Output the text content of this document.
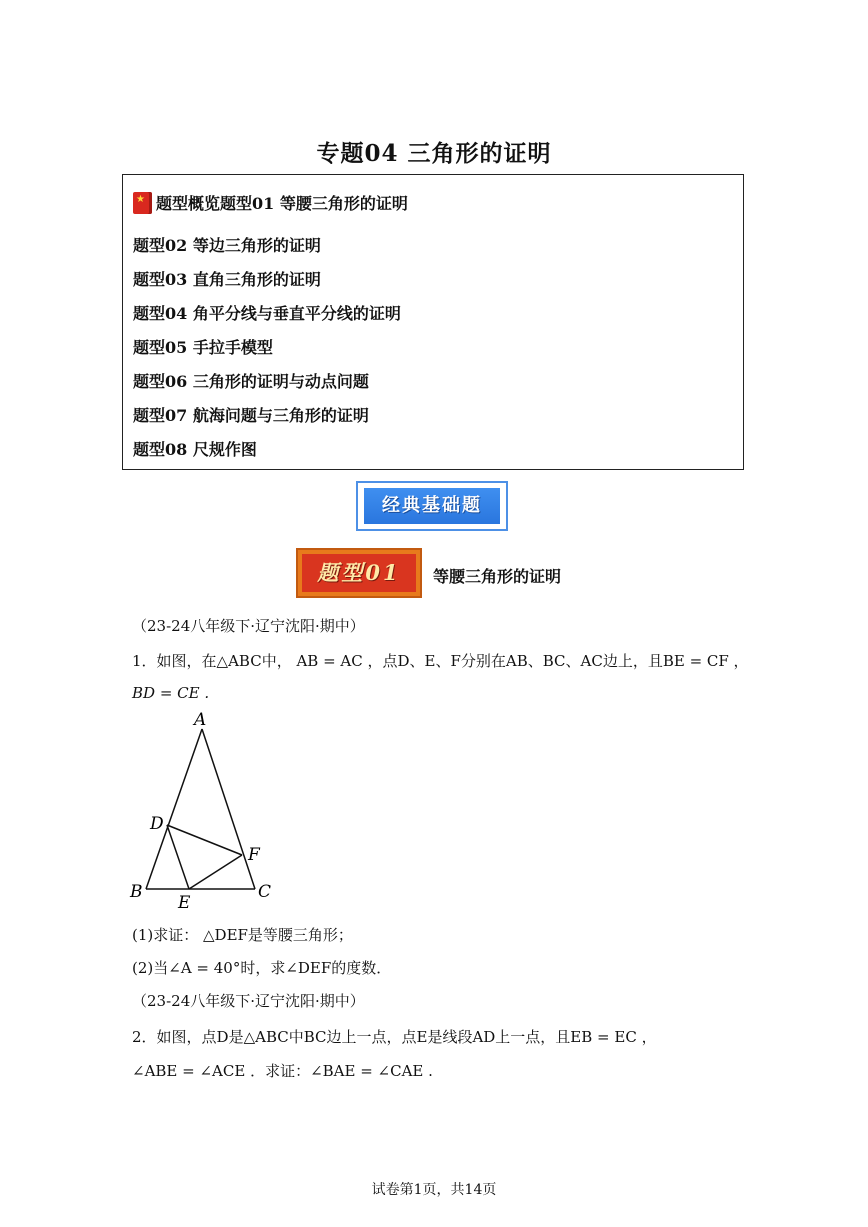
专题04 三角形的证明
★题型概览题型01 等腰三角形的证明
题型02 等边三角形的证明
题型03 直角三角形的证明
题型04 角平分线与垂直平分线的证明
题型05 手拉手模型
题型06 三角形的证明与动点问题
题型07 航海问题与三角形的证明
题型08 尺规作图
经典基础题
题型01	等腰三角形的证明
（23-24八年级下·辽宁沈阳·期中）
1．如图，在△ABC中， AB = AC ，点D、E、F分别在AB、BC、AC边上，且BE = CF ，
BD = CE .
A
B	C
D
E
F
(1)求证： △DEF是等腰三角形；
(2)当∠A = 40°时，求∠DEF的度数．
（23-24八年级下·辽宁沈阳·期中）
2．如图，点D是△ABC中BC边上一点，点E是线段AD上一点，且EB = EC ，
∠ABE = ∠ACE ．求证：∠BAE = ∠CAE .
试卷第1页，共14页
